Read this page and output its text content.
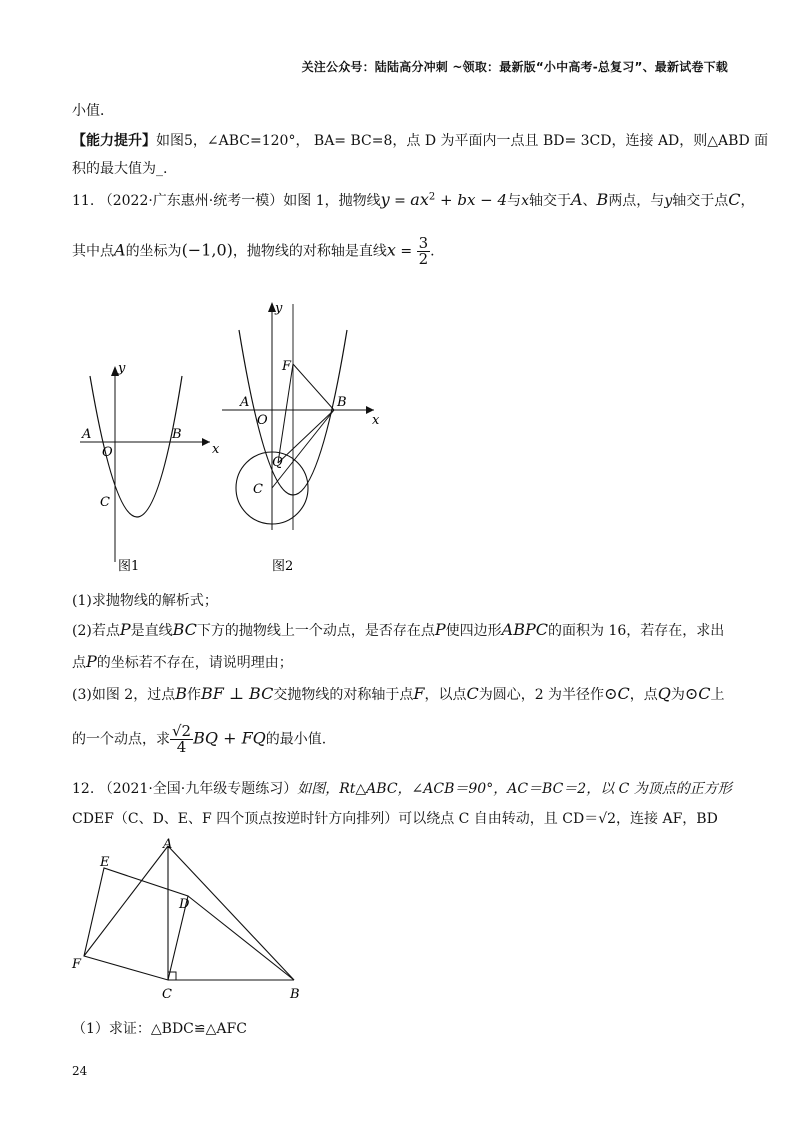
关注公众号：陆陆高分冲刺 ~领取：最新版“小中高考-总复习”、最新试卷下载
小值．
【能力提升】如图5，∠ABC=120°， BA= BC=8，点 D 为平面内一点且 BD= 3CD，连接 AD，则△ABD 面
积的最大值为_.
11. （2022·广东惠州·统考一模）如图 1，抛物线$y = ax^2$ + bx − 4与x轴交于A、B两点，与y轴交于点C，
其中点A的坐标为(−1,0)，抛物线的对称轴是直线$x = \frac{3}{2}$ .
y
x
A
O
B
C
图1
y
x
A
O
B
F
Q
C
图2
(1)求抛物线的解析式；
(2)若点P是直线BC下方的抛物线上一个动点，是否存在点P使四边形ABPC的面积为 16，若存在，求出
点P的坐标若不存在，请说明理由；
(3)如图 2，过点B作BF ⊥ BC交抛物线的对称轴于点F，以点C为圆心，2 为半径作⊙C，点Q为⊙C上
的一个动点，求 $\frac{√2}{4}$ BQ + FQ的最小值.
12. （2021·全国·九年级专题练习）如图，Rt△ABC，∠ACB＝90°，AC＝BC＝2，以 C 为顶点的正方形
CDEF（C、D、E、F 四个顶点按逆时针方向排列）可以绕点 C 自由转动，且 CD＝√2，连接 AF，BD
A
E
D
F
C	B
（1）求证：△BDC≌△AFC
24
